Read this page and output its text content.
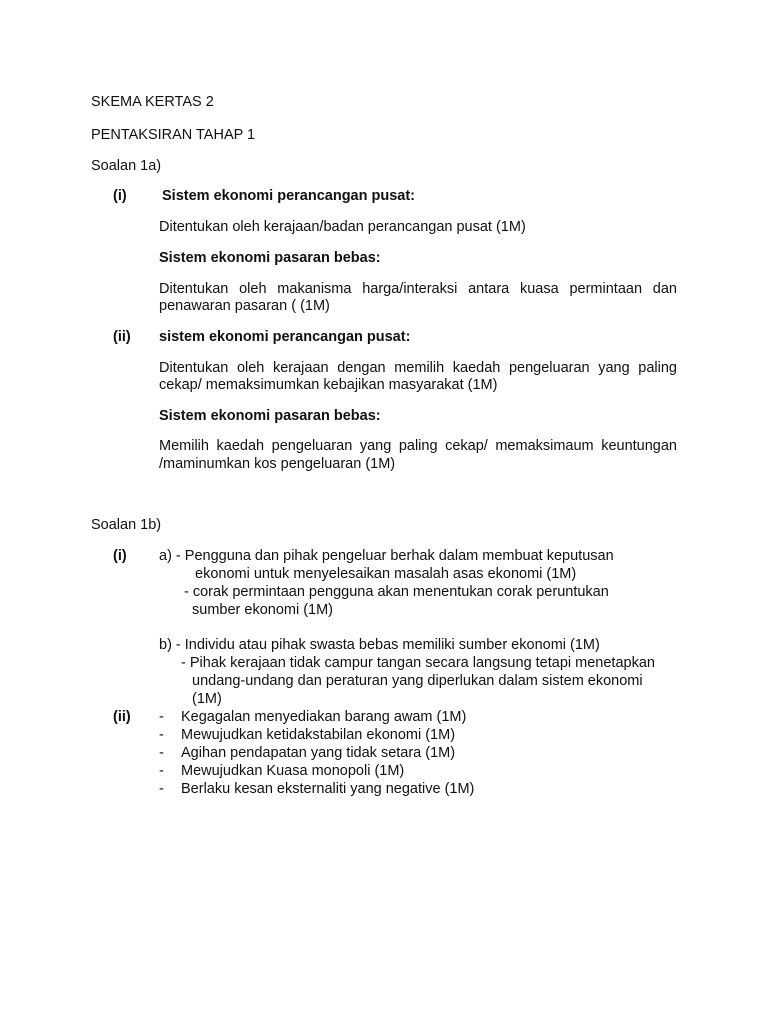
SKEMA KERTAS 2
PENTAKSIRAN TAHAP 1
Soalan 1a)
(i) Sistem ekonomi perancangan pusat:
Ditentukan oleh kerajaan/badan perancangan pusat (1M)
Sistem ekonomi pasaran bebas:
Ditentukan oleh makanisma harga/interaksi antara kuasa permintaan dan
penawaran pasaran ( (1M)
(ii) sistem ekonomi perancangan pusat:
Ditentukan oleh kerajaan dengan memilih kaedah pengeluaran yang paling
cekap/ memaksimumkan kebajikan masyarakat (1M)
Sistem ekonomi pasaran bebas:
Memilih kaedah pengeluaran yang paling cekap/ memaksimaum keuntungan
/maminumkan kos pengeluaran (1M)
Soalan 1b)
(i) a) - Pengguna dan pihak pengeluar berhak dalam membuat keputusan
ekonomi untuk menyelesaikan masalah asas ekonomi (1M)
- corak permintaan pengguna akan menentukan corak peruntukan
sumber ekonomi (1M)
b) - Individu atau pihak swasta bebas memiliki sumber ekonomi (1M)
- Pihak kerajaan tidak campur tangan secara langsung tetapi menetapkan
undang-undang dan peraturan yang diperlukan dalam sistem ekonomi
(1M)
(ii) - Kegagalan menyediakan barang awam (1M)
- Mewujudkan ketidakstabilan ekonomi (1M)
- Agihan pendapatan yang tidak setara (1M)
- Mewujudkan Kuasa monopoli (1M)
- Berlaku kesan eksternaliti yang negative (1M)
